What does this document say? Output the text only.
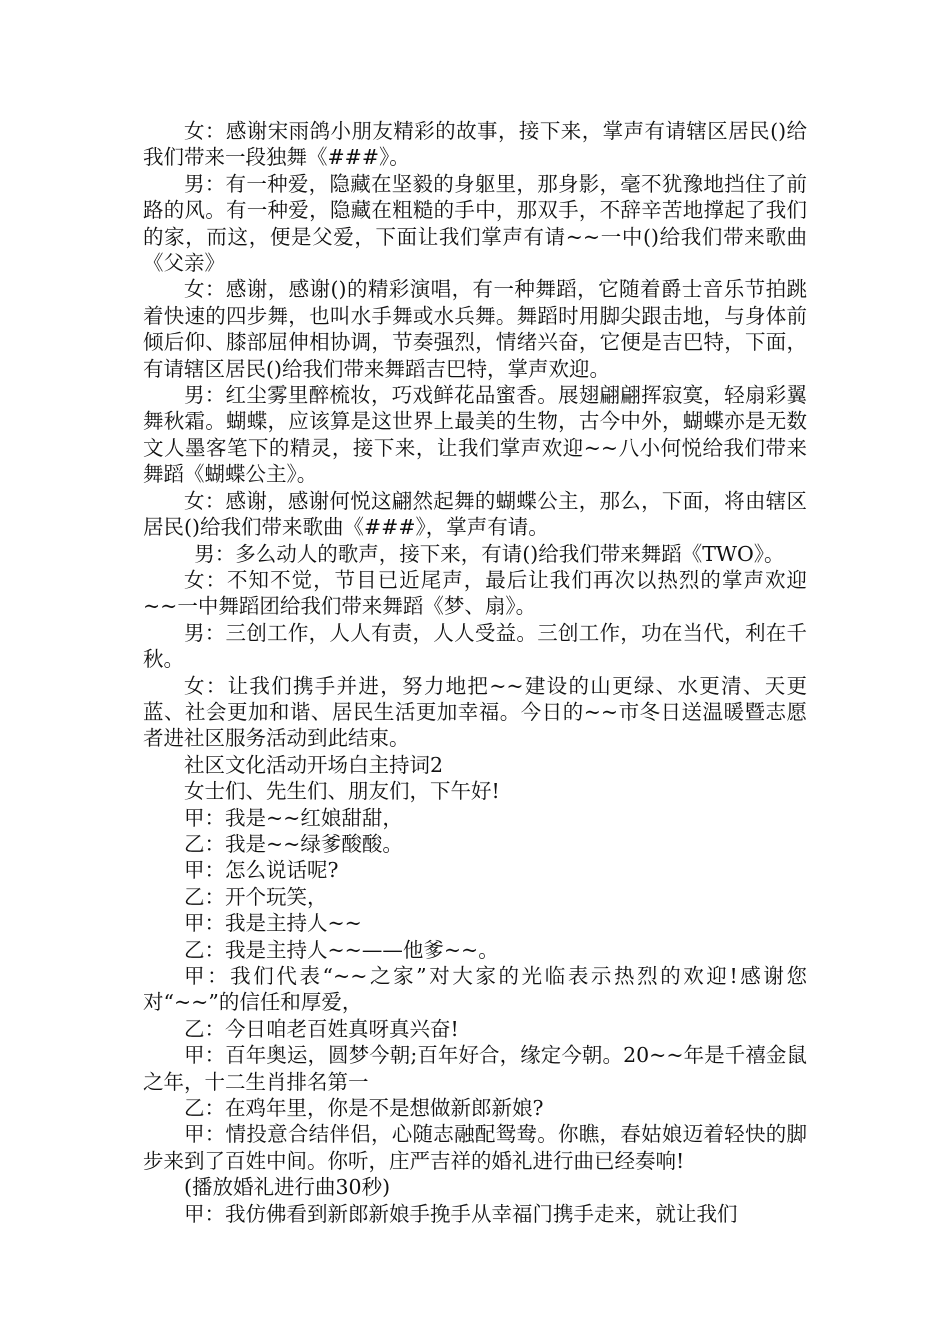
女：感谢宋雨鸽小朋友精彩的故事，接下来，掌声有请辖区居民()给我们带来一段独舞《###》。

男：有一种爱，隐藏在坚毅的身躯里，那身影，毫不犹豫地挡住了前路的风。有一种爱，隐藏在粗糙的手中，那双手，不辞辛苦地撑起了我们的家，而这，便是父爱，下面让我们掌声有请~~一中()给我们带来歌曲《父亲》

女：感谢，感谢()的精彩演唱，有一种舞蹈，它随着爵士音乐节拍跳着快速的四步舞，也叫水手舞或水兵舞。舞蹈时用脚尖跟击地，与身体前倾后仰、膝部屈伸相协调，节奏强烈，情绪兴奋，它便是吉巴特，下面，有请辖区居民()给我们带来舞蹈吉巴特，掌声欢迎。

男：红尘雾里醉梳妆，巧戏鲜花品蜜香。展翅翩翩挥寂寞，轻扇彩翼舞秋霜。蝴蝶，应该算是这世界上最美的生物，古今中外，蝴蝶亦是无数文人墨客笔下的精灵，接下来，让我们掌声欢迎~~八小何悦给我们带来舞蹈《蝴蝶公主》。

女：感谢，感谢何悦这翩然起舞的蝴蝶公主，那么，下面，将由辖区居民()给我们带来歌曲《###》，掌声有请。

男：多么动人的歌声，接下来，有请()给我们带来舞蹈《TWO》。

女：不知不觉，节目已近尾声，最后让我们再次以热烈的掌声欢迎~~一中舞蹈团给我们带来舞蹈《梦、扇》。

男：三创工作，人人有责，人人受益。三创工作，功在当代，利在千秋。

女：让我们携手并进，努力地把~~建设的山更绿、水更清、天更蓝、社会更加和谐、居民生活更加幸福。今日的~~市冬日送温暖暨志愿者进社区服务活动到此结束。

社区文化活动开场白主持词2

女士们、先生们、朋友们，下午好!

甲：我是~~红娘甜甜，

乙：我是~~绿爹酸酸。

甲：怎么说话呢?

乙：开个玩笑，

甲：我是主持人~~

乙：我是主持人~~——他爹~~。

甲：我们代表“~~之家”对大家的光临表示热烈的欢迎!感谢您对“~~”的信任和厚爱，

乙：今日咱老百姓真呀真兴奋!

甲：百年奥运，圆梦今朝;百年好合，缘定今朝。20~~年是千禧金鼠之年，十二生肖排名第一

乙：在鸡年里，你是不是想做新郎新娘?

甲：情投意合结伴侣，心随志融配鸳鸯。你瞧，春姑娘迈着轻快的脚步来到了百姓中间。你听，庄严吉祥的婚礼进行曲已经奏响!

(播放婚礼进行曲30秒)

甲：我仿佛看到新郎新娘手挽手从幸福门携手走来，就让我们
